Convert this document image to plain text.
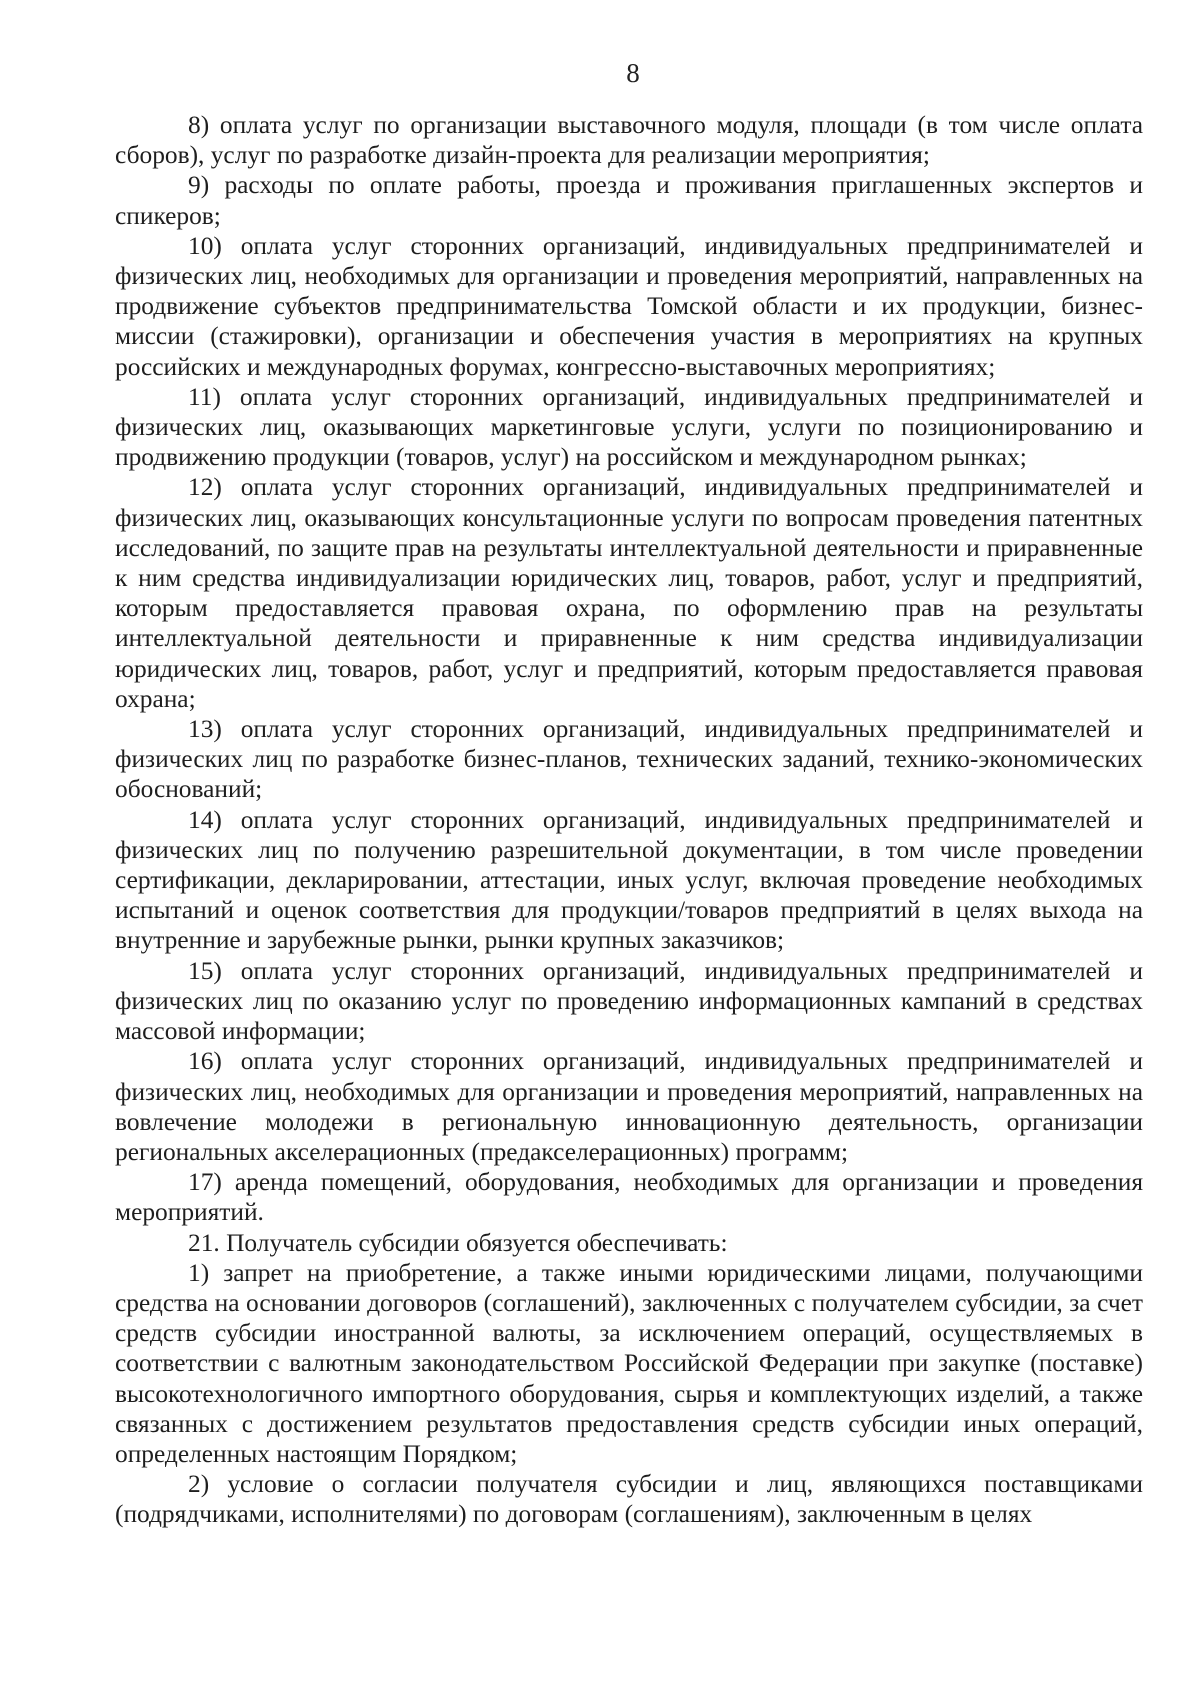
8

8) оплата услуг по организации выставочного модуля, площади (в том числе оплата сборов), услуг по разработке дизайн-проекта для реализации мероприятия;

9) расходы по оплате работы, проезда и проживания приглашенных экспертов и спикеров;

10) оплата услуг сторонних организаций, индивидуальных предпринимателей и физических лиц, необходимых для организации и проведения мероприятий, направленных на продвижение субъектов предпринимательства Томской области и их продукции, бизнес-миссии (стажировки), организации и обеспечения участия в мероприятиях на крупных российских и международных форумах, конгрессно-выставочных мероприятиях;

11) оплата услуг сторонних организаций, индивидуальных предпринимателей и физических лиц, оказывающих маркетинговые услуги, услуги по позиционированию и продвижению продукции (товаров, услуг) на российском и международном рынках;

12) оплата услуг сторонних организаций, индивидуальных предпринимателей и физических лиц, оказывающих консультационные услуги по вопросам проведения патентных исследований, по защите прав на результаты интеллектуальной деятельности и приравненные к ним средства индивидуализации юридических лиц, товаров, работ, услуг и предприятий, которым предоставляется правовая охрана, по оформлению прав на результаты интеллектуальной деятельности и приравненные к ним средства индивидуализации юридических лиц, товаров, работ, услуг и предприятий, которым предоставляется правовая охрана;

13) оплата услуг сторонних организаций, индивидуальных предпринимателей и физических лиц по разработке бизнес-планов, технических заданий, технико-экономических обоснований;

14) оплата услуг сторонних организаций, индивидуальных предпринимателей и физических лиц по получению разрешительной документации, в том числе проведении сертификации, декларировании, аттестации, иных услуг, включая проведение необходимых испытаний и оценок соответствия для продукции/товаров предприятий в целях выхода на внутренние и зарубежные рынки, рынки крупных заказчиков;

15) оплата услуг сторонних организаций, индивидуальных предпринимателей и физических лиц по оказанию услуг по проведению информационных кампаний в средствах массовой информации;

16) оплата услуг сторонних организаций, индивидуальных предпринимателей и физических лиц, необходимых для организации и проведения мероприятий, направленных на вовлечение молодежи в региональную инновационную деятельность, организации региональных акселерационных (предакселерационных) программ;

17) аренда помещений, оборудования, необходимых для организации и проведения мероприятий.

21. Получатель субсидии обязуется обеспечивать:

1) запрет на приобретение, а также иными юридическими лицами, получающими средства на основании договоров (соглашений), заключенных с получателем субсидии, за счет средств субсидии иностранной валюты, за исключением операций, осуществляемых в соответствии с валютным законодательством Российской Федерации при закупке (поставке) высокотехнологичного импортного оборудования, сырья и комплектующих изделий, а также связанных с достижением результатов предоставления средств субсидии иных операций, определенных настоящим Порядком;

2) условие о согласии получателя субсидии и лиц, являющихся поставщиками (подрядчиками, исполнителями) по договорам (соглашениям), заключенным в целях
